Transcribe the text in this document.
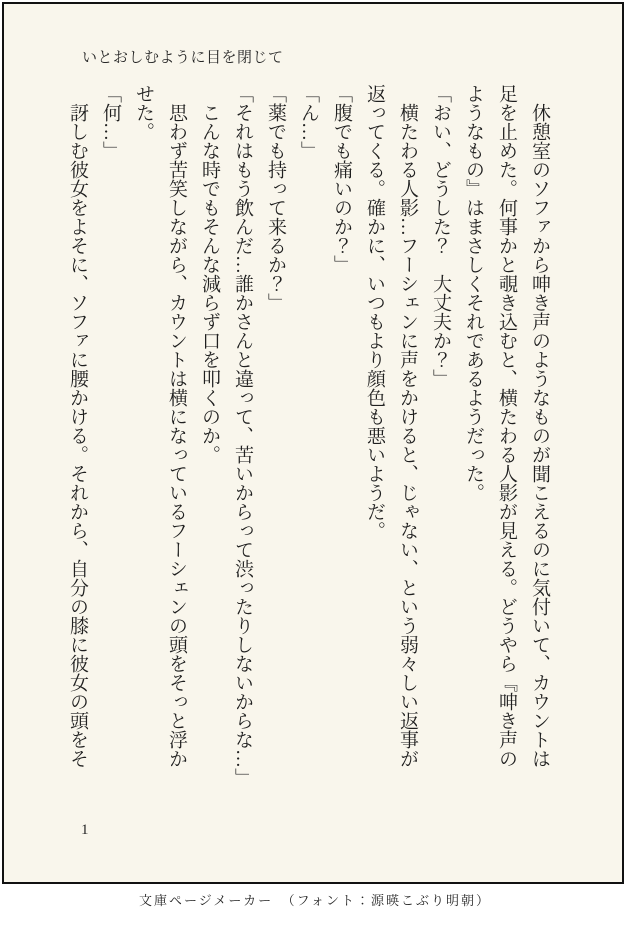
いとおしむように目を閉じて
　休憩室のソファから呻き声のようなものが聞こえるのに気付いて、カウントは
足を止めた。何事かと覗き込むと、横たわる人影が見える。どうやら『呻き声の
ようなもの』はまさしくそれであるようだった。
「おい、どうした？　大丈夫か？」
　横たわる人影…フーシェンに声をかけると、じゃない、という弱々しい返事が
返ってくる。確かに、いつもより顔色も悪いようだ。
「腹でも痛いのか？」
「ん…」
「薬でも持って来るか？」
「それはもう飲んだ…誰かさんと違って、苦いからって渋ったりしないからな…」
　こんな時でもそんな減らず口を叩くのか。
　思わず苦笑しながら、カウントは横になっているフーシェンの頭をそっと浮か
せた。
「何…」
　訝しむ彼女をよそに、ソファに腰かける。それから、自分の膝に彼女の頭をそ
1
文庫ページメーカー　（フォント：源暎こぶり明朝）
